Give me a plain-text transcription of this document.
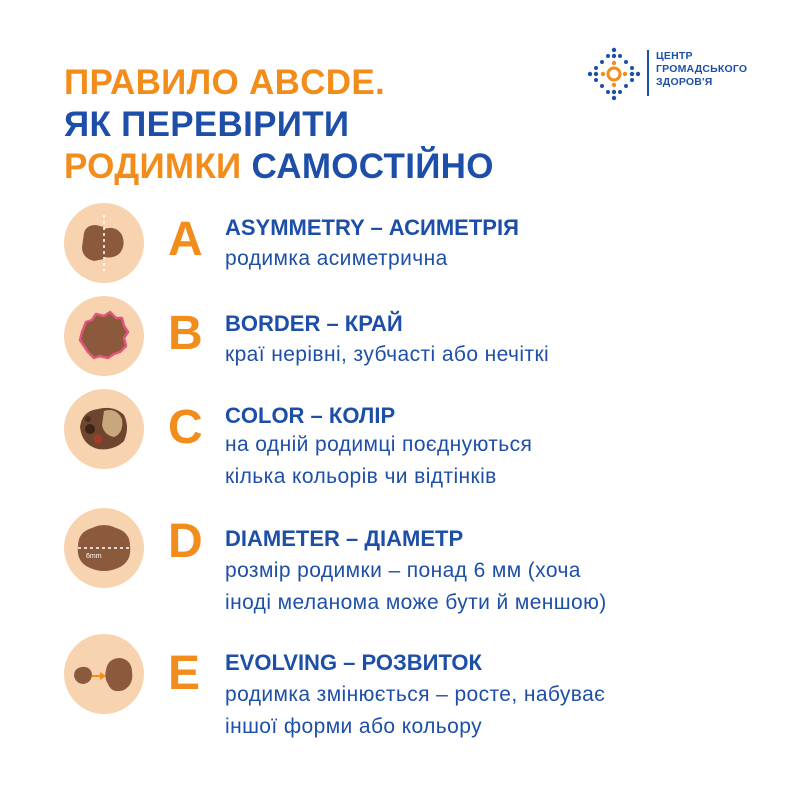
ПРАВИЛО ABCDE.
ЯК ПЕРЕВІРИТИ
РОДИМКИ САМОСТІЙНО
ЦЕНТР
ГРОМАДСЬКОГО
ЗДОРОВ'Я
A ASYMMETRY – АСИМЕТРІЯ
родимка асиметрична
B BORDER – КРАЙ
краї нерівні, зубчасті або нечіткі
C COLOR – КОЛІР
на одній родимці поєднуються
кілька кольорів чи відтінків
6mm D DIAMETER – ДІАМЕТР
розмір родимки – понад 6 мм (хоча
іноді меланома може бути й меншою)
E EVOLVING – РОЗВИТОК
родимка змінюється – росте, набуває
іншої форми або кольору
